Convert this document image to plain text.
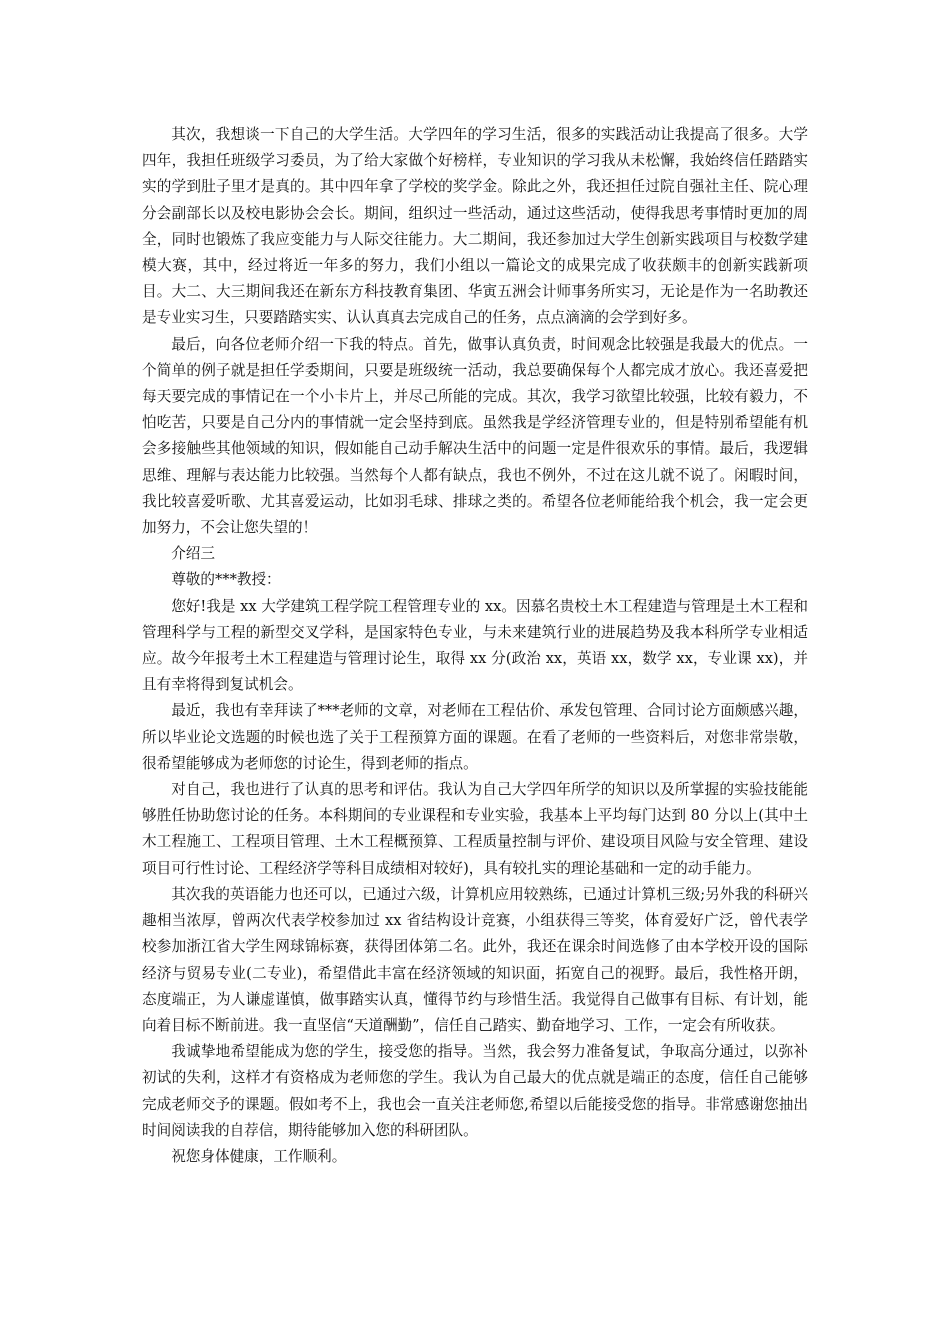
其次，我想谈一下自己的大学生活。大学四年的学习生活，很多的实践活动让我提高了很多。大学四年，我担任班级学习委员，为了给大家做个好榜样，专业知识的学习我从未松懈，我始终信任踏踏实实的学到肚子里才是真的。其中四年拿了学校的奖学金。除此之外，我还担任过院自强社主任、院心理分会副部长以及校电影协会会长。期间，组织过一些活动，通过这些活动，使得我思考事情时更加的周全，同时也锻炼了我应变能力与人际交往能力。大二期间，我还参加过大学生创新实践项目与校数学建模大赛，其中，经过将近一年多的努力，我们小组以一篇论文的成果完成了收获颇丰的创新实践新项目。大二、大三期间我还在新东方科技教育集团、华寅五洲会计师事务所实习，无论是作为一名助教还是专业实习生，只要踏踏实实、认认真真去完成自己的任务，点点滴滴的会学到好多。

最后，向各位老师介绍一下我的特点。首先，做事认真负责，时间观念比较强是我最大的优点。一个简单的例子就是担任学委期间，只要是班级统一活动，我总要确保每个人都完成才放心。我还喜爱把每天要完成的事情记在一个小卡片上，并尽己所能的完成。其次，我学习欲望比较强，比较有毅力，不怕吃苦，只要是自己分内的事情就一定会坚持到底。虽然我是学经济管理专业的，但是特别希望能有机会多接触些其他领域的知识，假如能自己动手解决生活中的问题一定是件很欢乐的事情。最后，我逻辑思维、理解与表达能力比较强。当然每个人都有缺点，我也不例外，不过在这儿就不说了。闲暇时间，我比较喜爱听歌、尤其喜爱运动，比如羽毛球、排球之类的。希望各位老师能给我个机会，我一定会更加努力，不会让您失望的！

介绍三

尊敬的***教授：

您好!我是 xx 大学建筑工程学院工程管理专业的 xx。因慕名贵校土木工程建造与管理是土木工程和管理科学与工程的新型交叉学科，是国家特色专业，与未来建筑行业的进展趋势及我本科所学专业相适应。故今年报考土木工程建造与管理讨论生，取得 xx 分(政治 xx，英语 xx，数学 xx，专业课 xx)，并且有幸将得到复试机会。

最近，我也有幸拜读了***老师的文章，对老师在工程估价、承发包管理、合同讨论方面颇感兴趣，所以毕业论文选题的时候也选了关于工程预算方面的课题。在看了老师的一些资料后，对您非常崇敬，很希望能够成为老师您的讨论生，得到老师的指点。

对自己，我也进行了认真的思考和评估。我认为自己大学四年所学的知识以及所掌握的实验技能能够胜任协助您讨论的任务。本科期间的专业课程和专业实验，我基本上平均每门达到 80 分以上(其中土木工程施工、工程项目管理、土木工程概预算、工程质量控制与评价、建设项目风险与安全管理、建设项目可行性讨论、工程经济学等科目成绩相对较好)，具有较扎实的理论基础和一定的动手能力。

其次我的英语能力也还可以，已通过六级，计算机应用较熟练，已通过计算机三级;另外我的科研兴趣相当浓厚，曾两次代表学校参加过 xx 省结构设计竞赛，小组获得三等奖，体育爱好广泛，曾代表学校参加浙江省大学生网球锦标赛，获得团体第二名。此外，我还在课余时间选修了由本学校开设的国际经济与贸易专业(二专业)，希望借此丰富在经济领域的知识面，拓宽自己的视野。最后，我性格开朗，态度端正，为人谦虚谨慎，做事踏实认真，懂得节约与珍惜生活。我觉得自己做事有目标、有计划，能向着目标不断前进。我一直坚信“天道酬勤”，信任自己踏实、勤奋地学习、工作，一定会有所收获。

我诚挚地希望能成为您的学生，接受您的指导。当然，我会努力准备复试，争取高分通过，以弥补初试的失利，这样才有资格成为老师您的学生。我认为自己最大的优点就是端正的态度，信任自己能够完成老师交予的课题。假如考不上，我也会一直关注老师您,希望以后能接受您的指导。非常感谢您抽出时间阅读我的自荐信，期待能够加入您的科研团队。

祝您身体健康，工作顺利。
